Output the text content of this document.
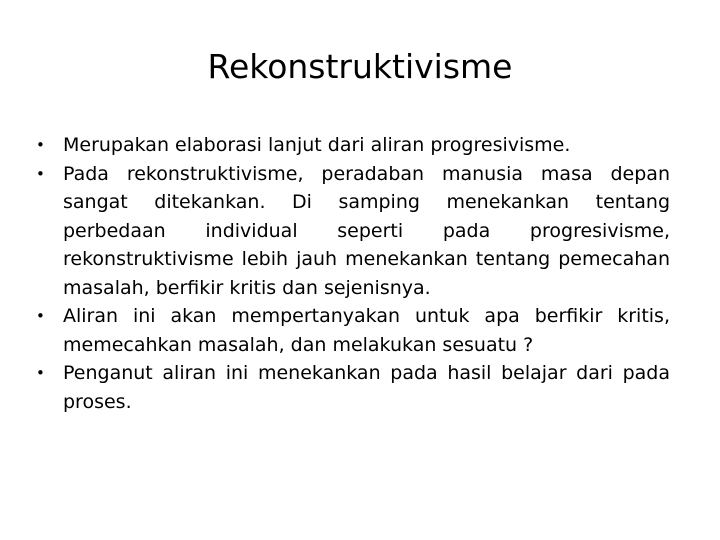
Rekonstruktivisme
• Merupakan elaborasi lanjut dari aliran progresivisme.
• Pada rekonstruktivisme, peradaban manusia masa depan sangat ditekankan. Di samping menekankan tentang perbedaan individual seperti pada progresivisme, rekonstruktivisme lebih jauh menekankan tentang pemecahan masalah, berfikir kritis dan sejenisnya.
• Aliran ini akan mempertanyakan untuk apa berfikir kritis, memecahkan masalah, dan melakukan sesuatu ?
• Penganut aliran ini menekankan pada hasil belajar dari pada proses.
